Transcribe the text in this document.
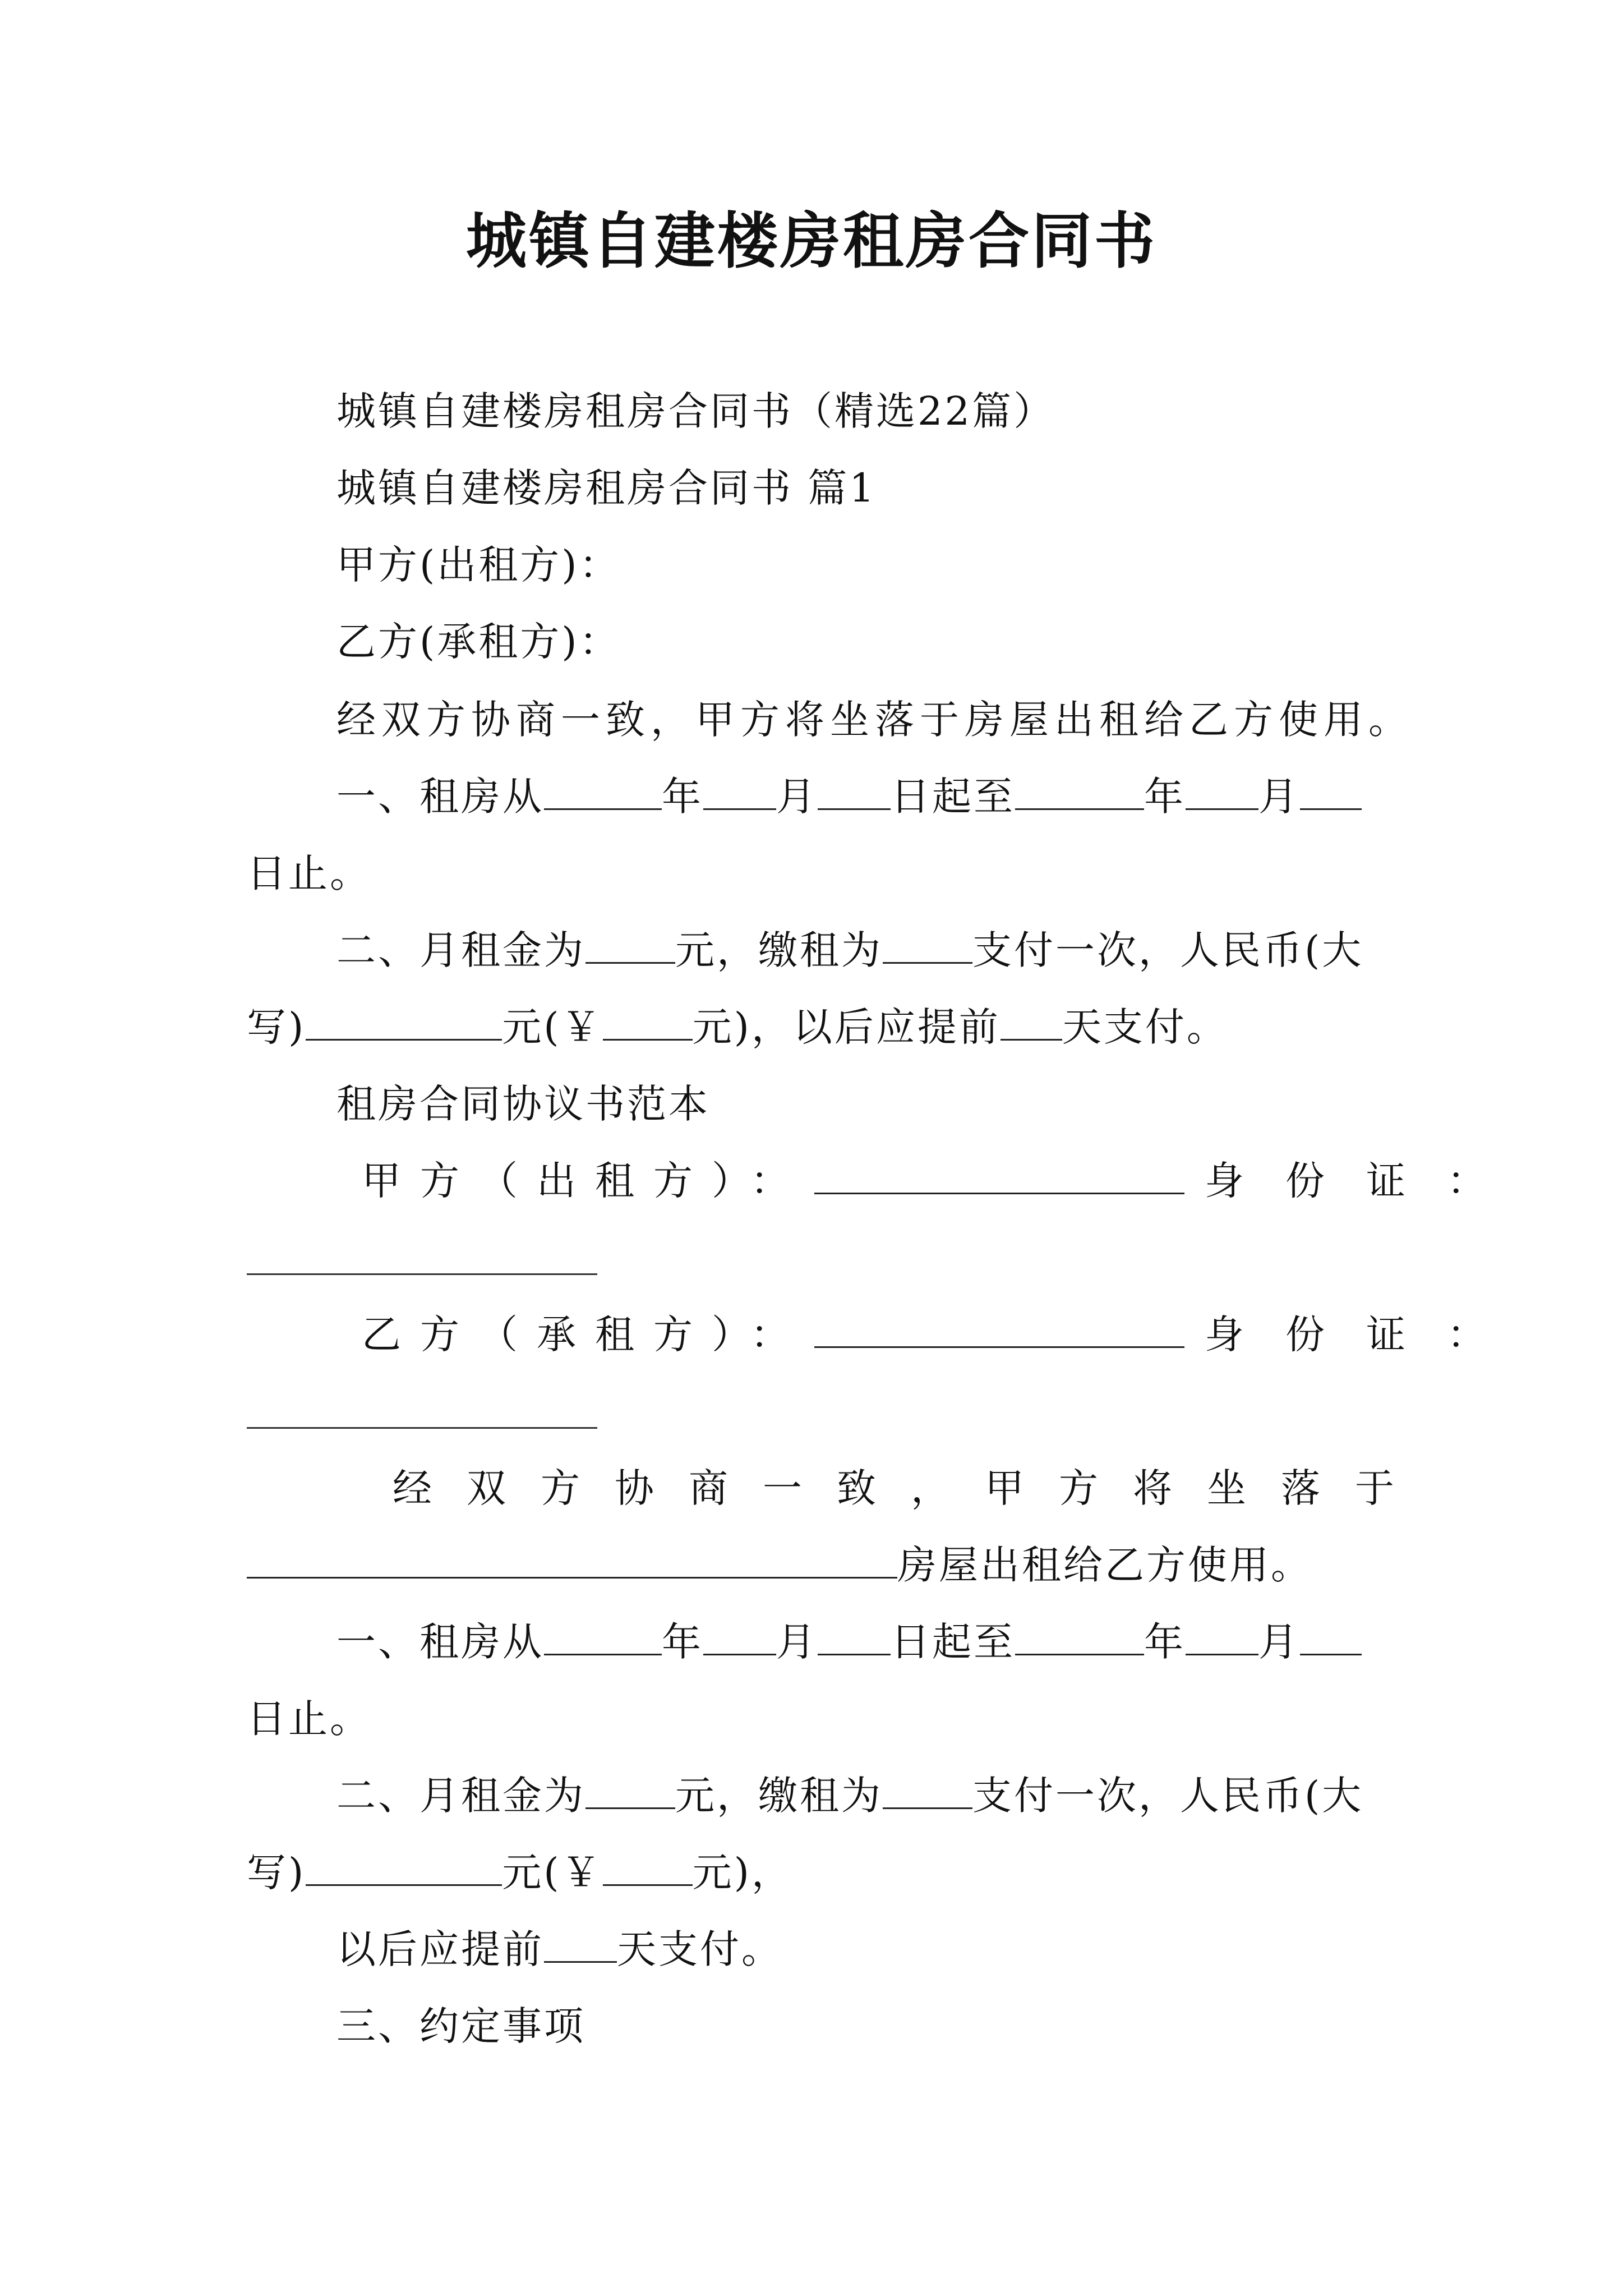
城镇自建楼房租房合同书
城镇自建楼房租房合同书（精选22篇）
城镇自建楼房租房合同书 篇1
甲方(出租方)：
乙方(承租方)：
经双方协商一致，甲方将坐落于房屋出租给乙方使用。
一、租房从	年 月 日起至	年 月
日止。
二、月租金为 元，缴租为 支付一次，人民币(大
写)	元(￥ 元)，以后应提前 天支付。
租房合同协议书范本
甲方（出租方）：	身份证：
乙方（承租方）：	身份证：
经双方协商一致，甲方将坐落于
房屋出租给乙方使用。
一、租房从	年 月 日起至	年 月
日止。
二、月租金为 元，缴租为 支付一次，人民币(大
写)	元(￥ 元)，
以后应提前 天支付。
三、约定事项
